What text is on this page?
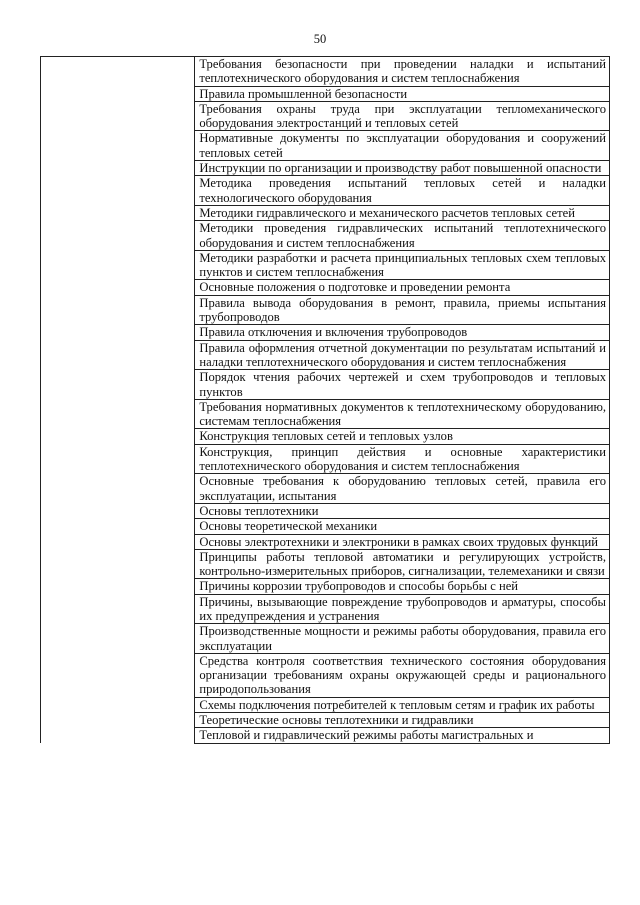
50
	Требования безопасности при проведении наладки и испытаний теплотехнического оборудования и систем теплоснабжения
Правила промышленной безопасности
Требования охраны труда при эксплуатации тепломеханического оборудования электростанций и тепловых сетей
Нормативные документы по эксплуатации оборудования и сооружений тепловых сетей
Инструкции по организации и производству работ повышенной опасности
Методика проведения испытаний тепловых сетей и наладки технологического оборудования
Методики гидравлического и механического расчетов тепловых сетей
Методики проведения гидравлических испытаний теплотехнического оборудования и систем теплоснабжения
Методики разработки и расчета принципиальных тепловых схем тепловых пунктов и систем теплоснабжения
Основные положения о подготовке и проведении ремонта
Правила вывода оборудования в ремонт, правила, приемы испытания трубопроводов
Правила отключения и включения трубопроводов
Правила оформления отчетной документации по результатам испытаний и наладки теплотехнического оборудования и систем теплоснабжения
Порядок чтения рабочих чертежей и схем трубопроводов и тепловых пунктов
Требования нормативных документов к теплотехническому оборудованию, системам теплоснабжения
Конструкция тепловых сетей и тепловых узлов
Конструкция, принцип действия и основные характеристики теплотехнического оборудования и систем теплоснабжения
Основные требования к оборудованию тепловых сетей, правила его эксплуатации, испытания
Основы теплотехники
Основы теоретической механики
Основы электротехники и электроники в рамках своих трудовых функций
Принципы работы тепловой автоматики и регулирующих устройств, контрольно-измерительных приборов, сигнализации, телемеханики и связи
Причины коррозии трубопроводов и способы борьбы с ней
Причины, вызывающие повреждение трубопроводов и арматуры, способы их предупреждения и устранения
Производственные мощности и режимы работы оборудования, правила его эксплуатации
Средства контроля соответствия технического состояния оборудования организации требованиям охраны окружающей среды и рационального природопользования
Схемы подключения потребителей к тепловым сетям и график их работы
Теоретические основы теплотехники и гидравлики
Тепловой и гидравлический режимы работы магистральных и
